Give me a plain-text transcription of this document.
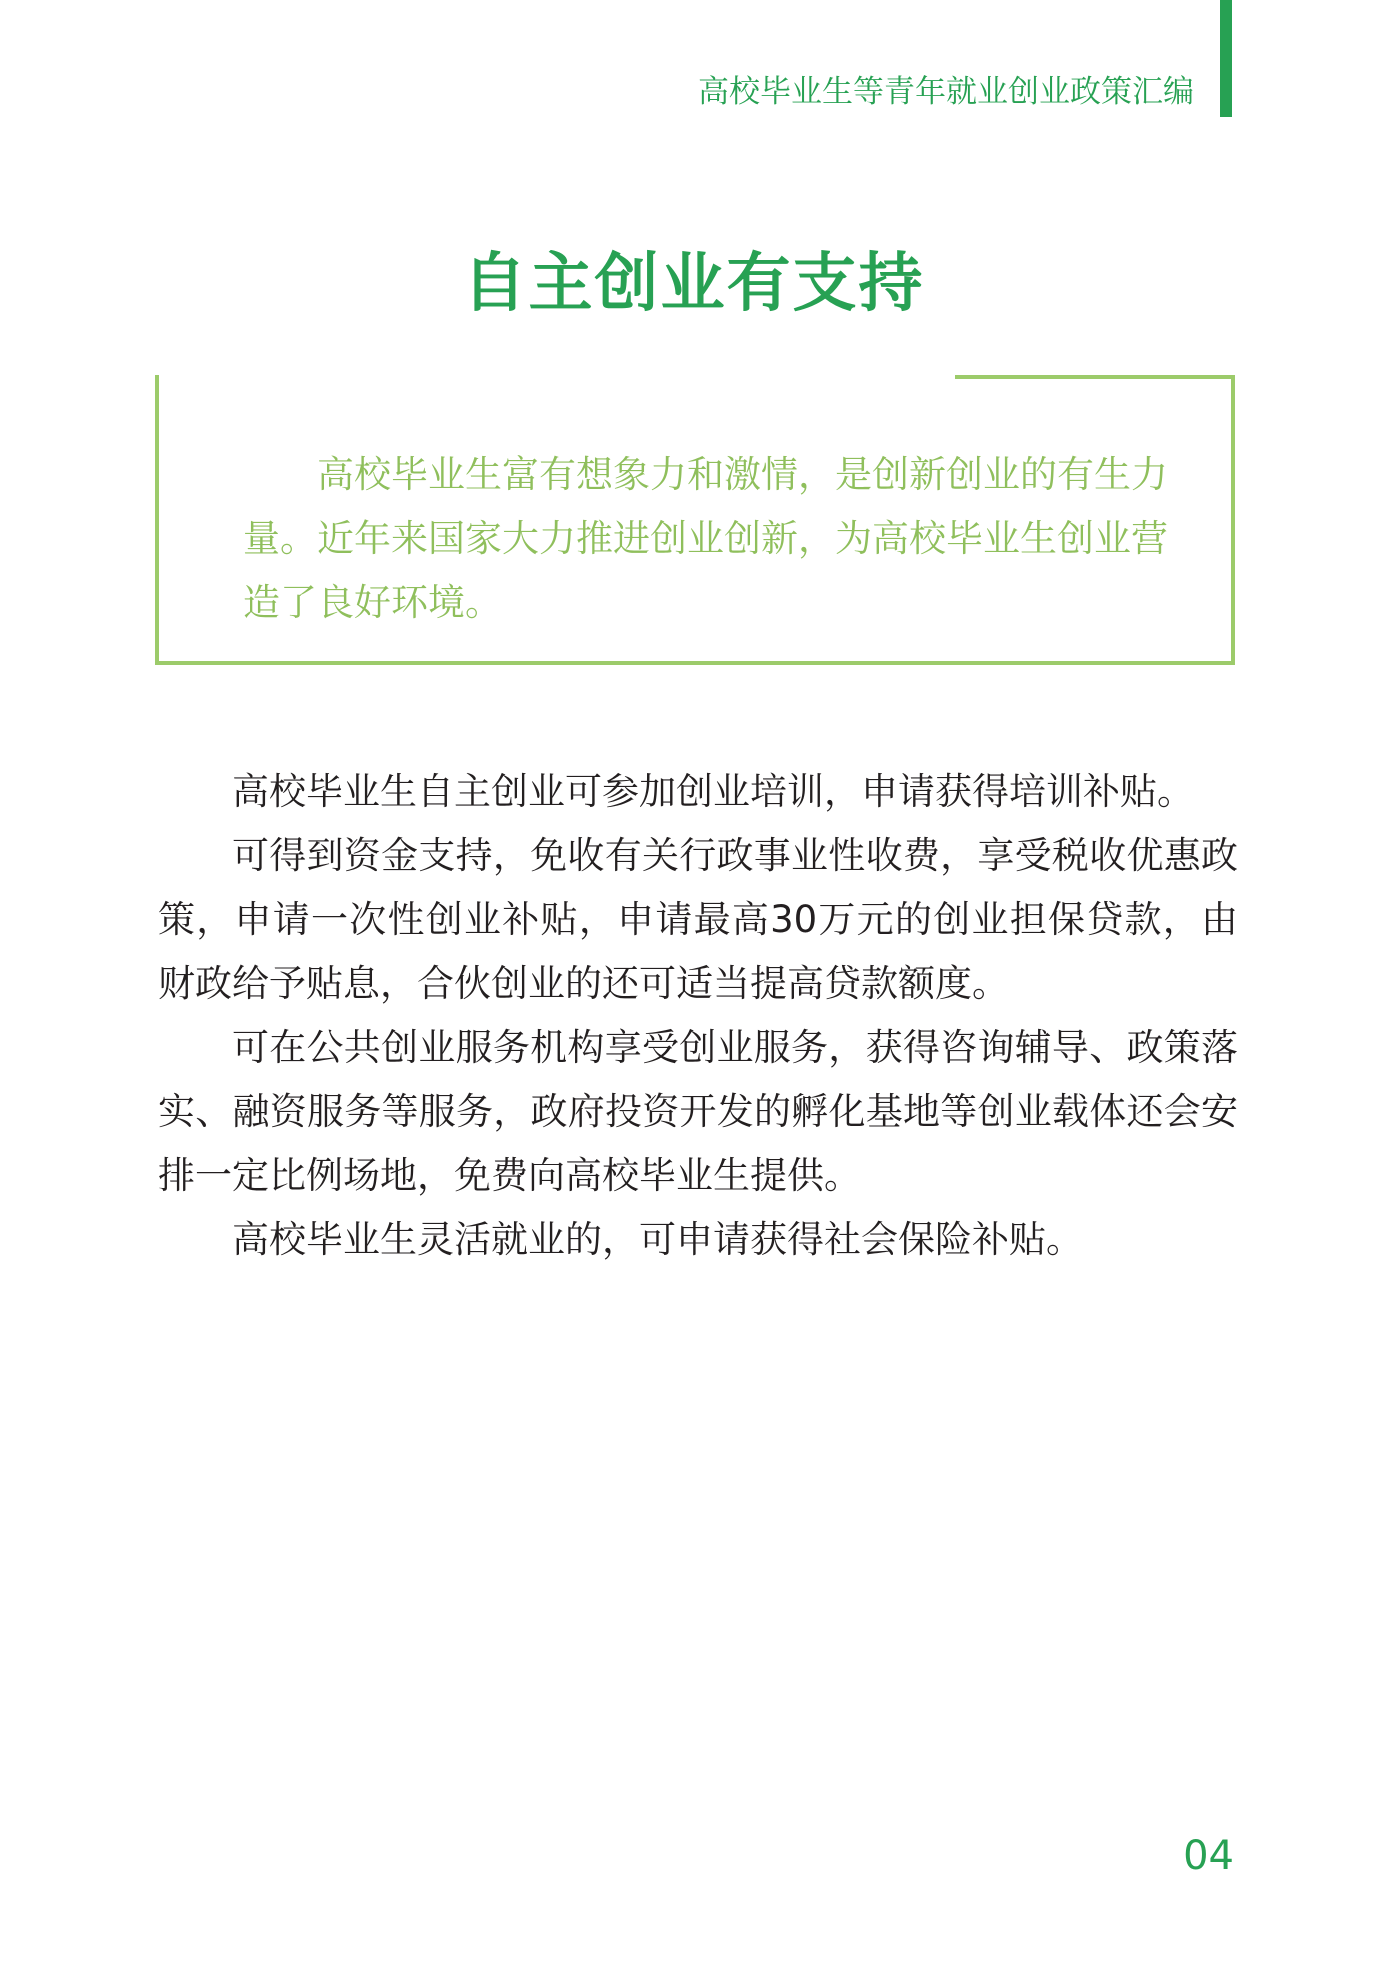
高校毕业生等青年就业创业政策汇编
自主创业有支持

高校毕业生富有想象力和激情，是创新创业的有生力量。近年来国家大力推进创业创新，为高校毕业生创业营造了良好环境。

高校毕业生自主创业可参加创业培训，申请获得培训补贴。

可得到资金支持，免收有关行政事业性收费，享受税收优惠政策，申请一次性创业补贴，申请最高30万元的创业担保贷款，由财政给予贴息，合伙创业的还可适当提高贷款额度。

可在公共创业服务机构享受创业服务，获得咨询辅导、政策落实、融资服务等服务，政府投资开发的孵化基地等创业载体还会安排一定比例场地，免费向高校毕业生提供。

高校毕业生灵活就业的，可申请获得社会保险补贴。

04
